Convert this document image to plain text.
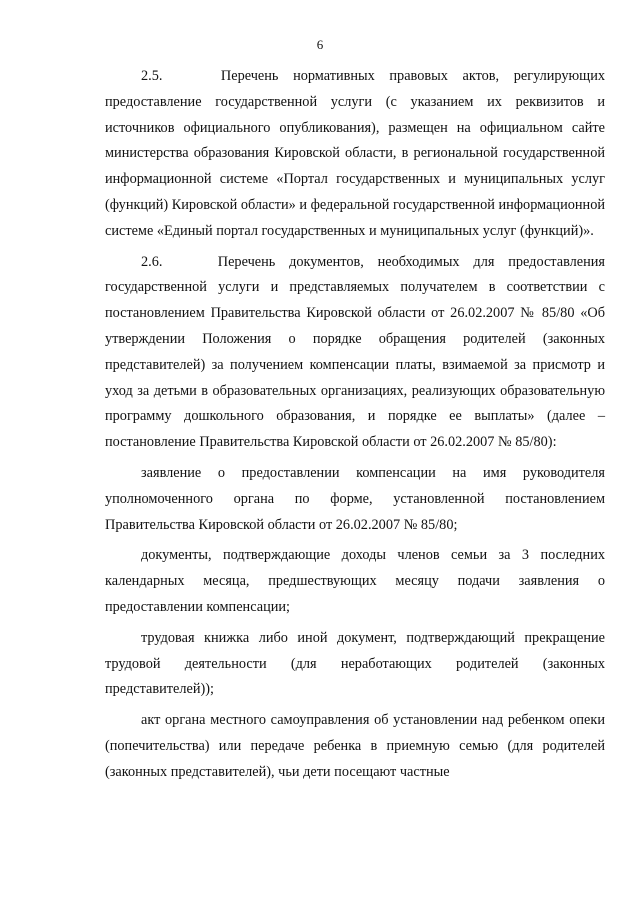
6

2.5.    Перечень нормативных правовых актов, регулирующих предоставление государственной услуги (с указанием их реквизитов и источников официального опубликования), размещен на официальном сайте министерства образования Кировской области, в региональной государственной информационной системе «Портал государственных и муниципальных услуг (функций) Кировской области» и федеральной государственной информационной системе «Единый портал государственных и муниципальных услуг (функций)».

2.6.    Перечень документов, необходимых для предоставления государственной услуги и представляемых получателем в соответствии с постановлением Правительства Кировской области от 26.02.2007 № 85/80 «Об утверждении Положения о порядке обращения родителей (законных представителей) за получением компенсации платы, взимаемой за присмотр и уход за детьми в образовательных организациях, реализующих образовательную программу дошкольного образования, и порядке ее выплаты» (далее – постановление Правительства Кировской области от 26.02.2007 № 85/80):

заявление о предоставлении компенсации на имя руководителя уполномоченного органа по форме, установленной постановлением Правительства Кировской области от 26.02.2007 № 85/80;

документы, подтверждающие доходы членов семьи за 3 последних календарных месяца, предшествующих месяцу подачи заявления о предоставлении компенсации;

трудовая книжка либо иной документ, подтверждающий прекращение трудовой деятельности (для неработающих родителей (законных представителей));

акт органа местного самоуправления об установлении над ребенком опеки (попечительства) или передаче ребенка в приемную семью (для родителей (законных представителей), чьи дети посещают частные
